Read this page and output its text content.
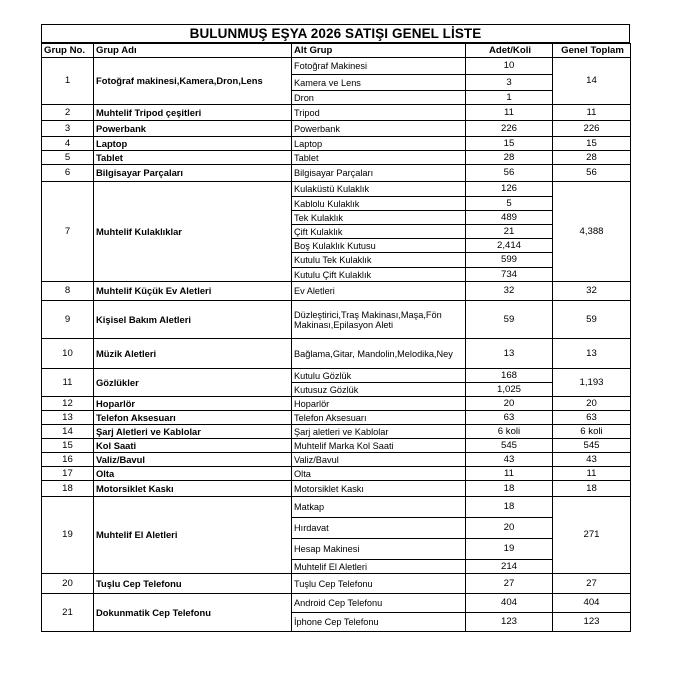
BULUNMUŞ EŞYA 2026 SATIŞI GENEL LİSTE
Grup No.	Grup Adı	Alt Grup	Adet/Koli	Genel Toplam
1	Fotoğraf makinesi,Kamera,Dron,Lens	Fotoğraf Makinesi	10	14
		Kamera ve Lens	3	
		Dron	1	
2	Muhtelif Tripod çeşitleri	Tripod	11	11
3	Powerbank	Powerbank	226	226
4	Laptop	Laptop	15	15
5	Tablet	Tablet	28	28
6	Bilgisayar Parçaları	Bilgisayar Parçaları	56	56
7	Muhtelif Kulaklıklar	Kulaküstü Kulaklık	126	4,388
		Kablolu Kulaklık	5	
		Tek Kulaklık	489	
		Çift Kulaklık	21	
		Boş Kulaklık Kutusu	2,414	
		Kutulu Tek Kulaklık	599	
		Kutulu Çift Kulaklık	734	
8	Muhtelif Küçük Ev Aletleri	Ev Aletleri	32	32
9	Kişisel Bakım Aletleri	Düzleştirici,Traş Makinası,Maşa,Fön Makinası,Epilasyon Aleti	59	59
10	Müzik Aletleri	Bağlama,Gitar, Mandolin,Melodika,Ney	13	13
11	Gözlükler	Kutulu Gözlük	168	1,193
		Kutusuz Gözlük	1,025	
12	Hoparlör	Hoparlör	20	20
13	Telefon Aksesuarı	Telefon Aksesuarı	63	63
14	Şarj Aletleri ve Kablolar	Şarj aletleri ve Kablolar	6 koli	6 koli
15	Kol Saati	Muhtelif Marka Kol Saati	545	545
16	Valiz/Bavul	Valiz/Bavul	43	43
17	Olta	Olta	11	11
18	Motorsiklet Kaskı	Motorsiklet Kaskı	18	18
19	Muhtelif El Aletleri	Matkap	18	271
		Hırdavat	20	
		Hesap Makinesi	19	
		Muhtelif El Aletleri	214	
20	Tuşlu Cep Telefonu	Tuşlu Cep Telefonu	27	27
21	Dokunmatik Cep Telefonu	Android Cep Telefonu	404	404
		İphone Cep Telefonu	123	123
